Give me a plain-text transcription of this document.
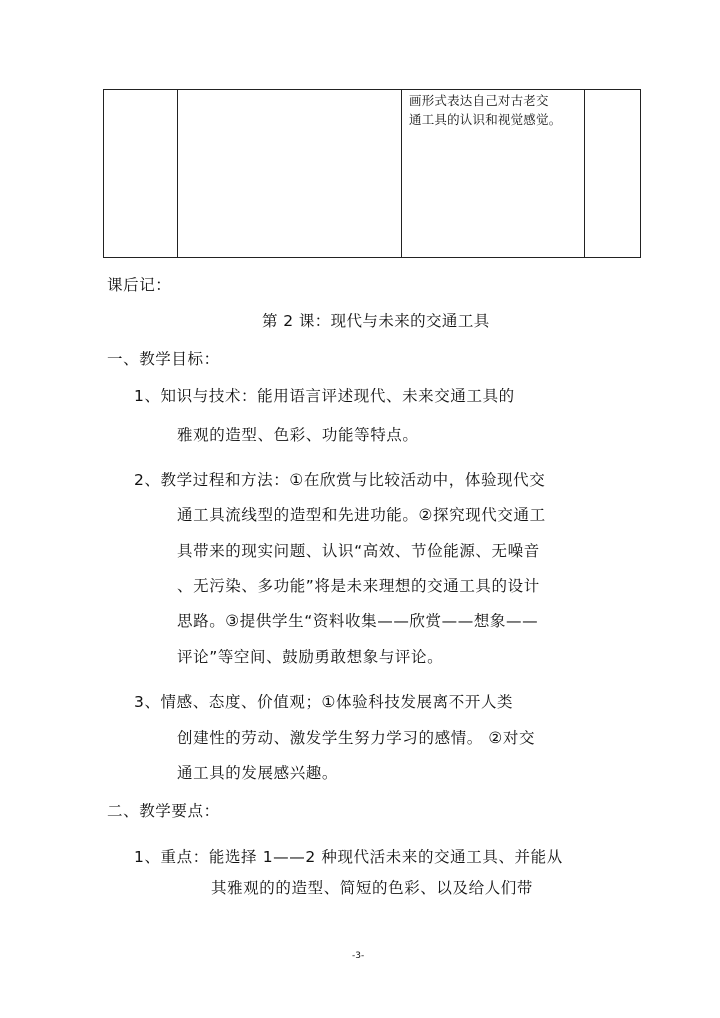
画形式表达自己对古老交
通工具的认识和视觉感觉。
课后记：
第 2 课：现代与未来的交通工具
一、教学目标：
1、知识与技术：能用语言评述现代、未来交通工具的
雅观的造型、色彩、功能等特点。
2、教学过程和方法：①在欣赏与比较活动中，体验现代交
通工具流线型的造型和先进功能。②探究现代交通工
具带来的现实问题、认识“高效、节俭能源、无噪音
、无污染、多功能”将是未来理想的交通工具的设计
思路。③提供学生“资料收集——欣赏——想象——
评论”等空间、鼓励勇敢想象与评论。
3、情感、态度、价值观；①体验科技发展离不开人类
创建性的劳动、激发学生努力学习的感情。 ②对交
通工具的发展感兴趣。
二、教学要点：
1、重点：能选择 1——2 种现代活未来的交通工具、并能从
其雅观的的造型、简短的色彩、以及给人们带
-3-
